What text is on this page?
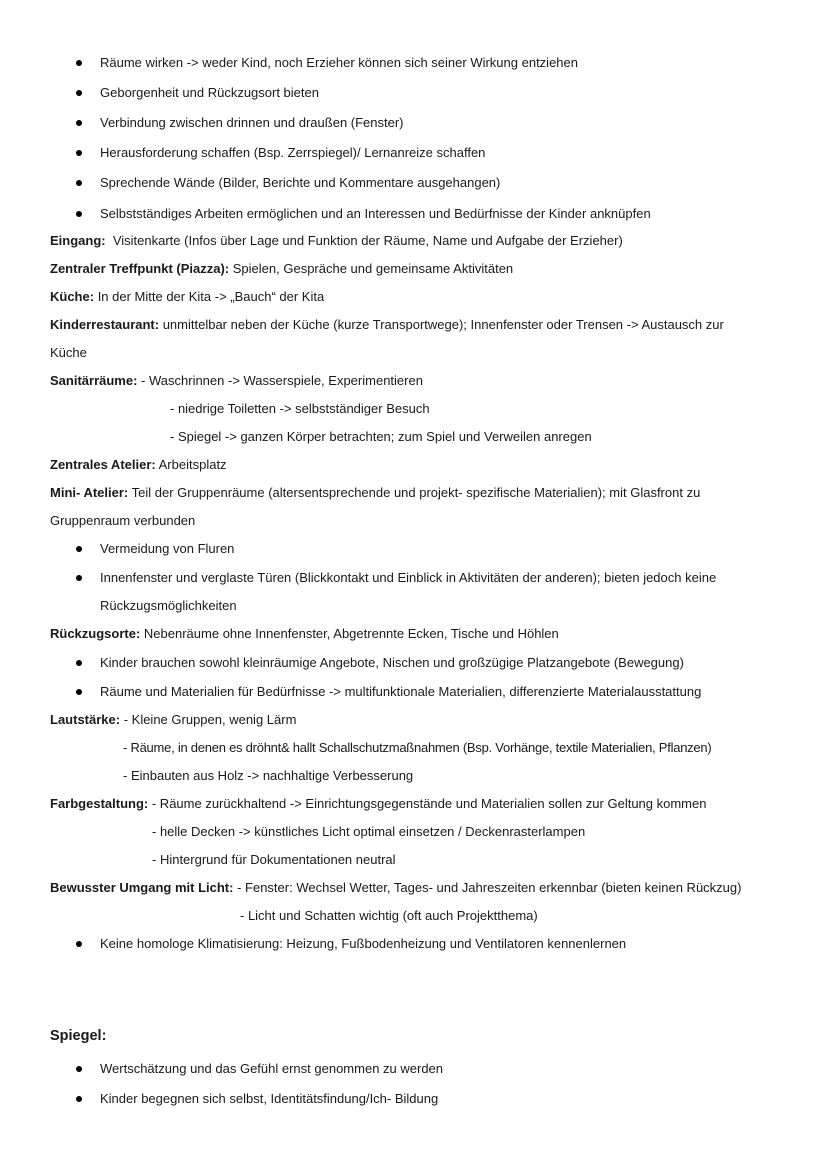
Räume wirken -> weder Kind, noch Erzieher können sich seiner Wirkung entziehen
Geborgenheit und Rückzugsort bieten
Verbindung zwischen drinnen und draußen (Fenster)
Herausforderung schaffen (Bsp. Zerrspiegel)/ Lernanreize schaffen
Sprechende Wände (Bilder, Berichte und Kommentare ausgehangen)
Selbstständiges Arbeiten ermöglichen und an Interessen und Bedürfnisse der Kinder anknüpfen
Eingang: Visitenkarte (Infos über Lage und Funktion der Räume, Name und Aufgabe der Erzieher)
Zentraler Treffpunkt (Piazza): Spielen, Gespräche und gemeinsame Aktivitäten
Küche: In der Mitte der Kita -> „Bauch“ der Kita
Kinderrestaurant: unmittelbar neben der Küche (kurze Transportwege); Innenfenster oder Trensen -> Austausch zur
Küche
Sanitärräume: - Waschrinnen -> Wasserspiele, Experimentieren
- niedrige Toiletten -> selbstständiger Besuch
- Spiegel -> ganzen Körper betrachten; zum Spiel und Verweilen anregen
Zentrales Atelier: Arbeitsplatz
Mini- Atelier: Teil der Gruppenräume (altersentsprechende und projekt- spezifische Materialien); mit Glasfront zu
Gruppenraum verbunden
Vermeidung von Fluren
Innenfenster und verglaste Türen (Blickkontakt und Einblick in Aktivitäten der anderen); bieten jedoch keine
Rückzugsmöglichkeiten
Rückzugsorte: Nebenräume ohne Innenfenster, Abgetrennte Ecken, Tische und Höhlen
Kinder brauchen sowohl kleinräumige Angebote, Nischen und großzügige Platzangebote (Bewegung)
Räume und Materialien für Bedürfnisse -> multifunktionale Materialien, differenzierte Materialausstattung
Lautstärke: - Kleine Gruppen, wenig Lärm
- Räume, in denen es dröhnt& hallt Schallschutzmaßnahmen (Bsp. Vorhänge, textile Materialien, Pflanzen)
- Einbauten aus Holz -> nachhaltige Verbesserung
Farbgestaltung: - Räume zurückhaltend -> Einrichtungsgegenstände und Materialien sollen zur Geltung kommen
- helle Decken -> künstliches Licht optimal einsetzen / Deckenrasterlampen
- Hintergrund für Dokumentationen neutral
Bewusster Umgang mit Licht: - Fenster: Wechsel Wetter, Tages- und Jahreszeiten erkennbar (bieten keinen Rückzug)
- Licht und Schatten wichtig (oft auch Projektthema)
Keine homologe Klimatisierung: Heizung, Fußbodenheizung und Ventilatoren kennenlernen
Spiegel:
Wertschätzung und das Gefühl ernst genommen zu werden
Kinder begegnen sich selbst, Identitätsfindung/Ich- Bildung
